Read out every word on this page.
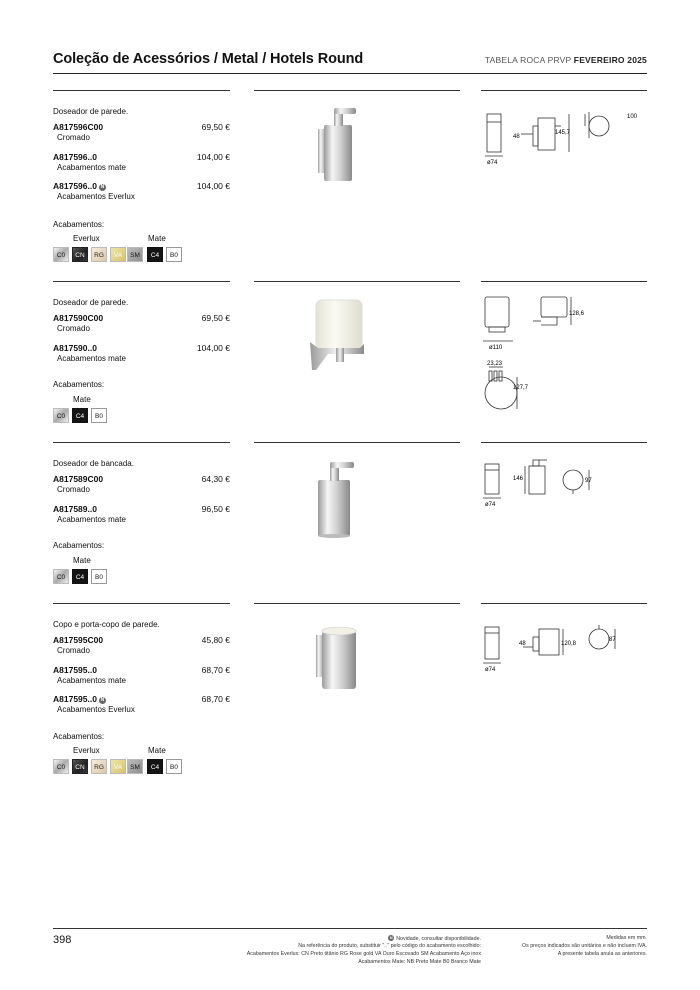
Coleção de Acessórios / Metal / Hotels Round	TABELA ROCA PRVP FEVEREIRO 2025
Doseador de parede.
A817596C00
Cromado
69,50 €
A817596..0
Acabamentos mate
104,00 €
A817596..0 N
Acabamentos Everlux
104,00 €
Acabamentos:
Everlux	Mate
C0	CN	RG	VA	SM	C4	B0
48
145,7
100
ø74
Doseador de parede.
A817590C00
Cromado
69,50 €
A817590..0
Acabamentos mate
104,00 €
Acabamentos:
Mate
C0	C4	B0
128,6
ø110
23,23
127,7
Doseador de bancada.
A817589C00
Cromado
64,30 €
A817589..0
Acabamentos mate
96,50 €
Acabamentos:
Mate
C0	C4	B0
146	97
ø74
Copo e porta-copo de parede.
A817595C00
Cromado
45,80 €
A817595..0
Acabamentos mate
68,70 €
A817595..0 N
Acabamentos Everlux
68,70 €
Acabamentos:
Everlux	Mate
C0	CN	RG	VA	SM	C4	B0
48	120,8
87
ø74
398	N Novidade, consultar disponibilidade.
Na referência do produto, substituir ".." pelo código do acabamento escolhido:
Acabamentos Everlux: CN Preto titânio RG Rose gold VA Ouro Escovado SM Acabamento Aço inox
Acabamentos Mate: NB Preto Mate B0 Branco Mate
Medidas em mm.
Os preços indicados são unitários e não incluem IVA.
A presente tabela anula as anteriores.
